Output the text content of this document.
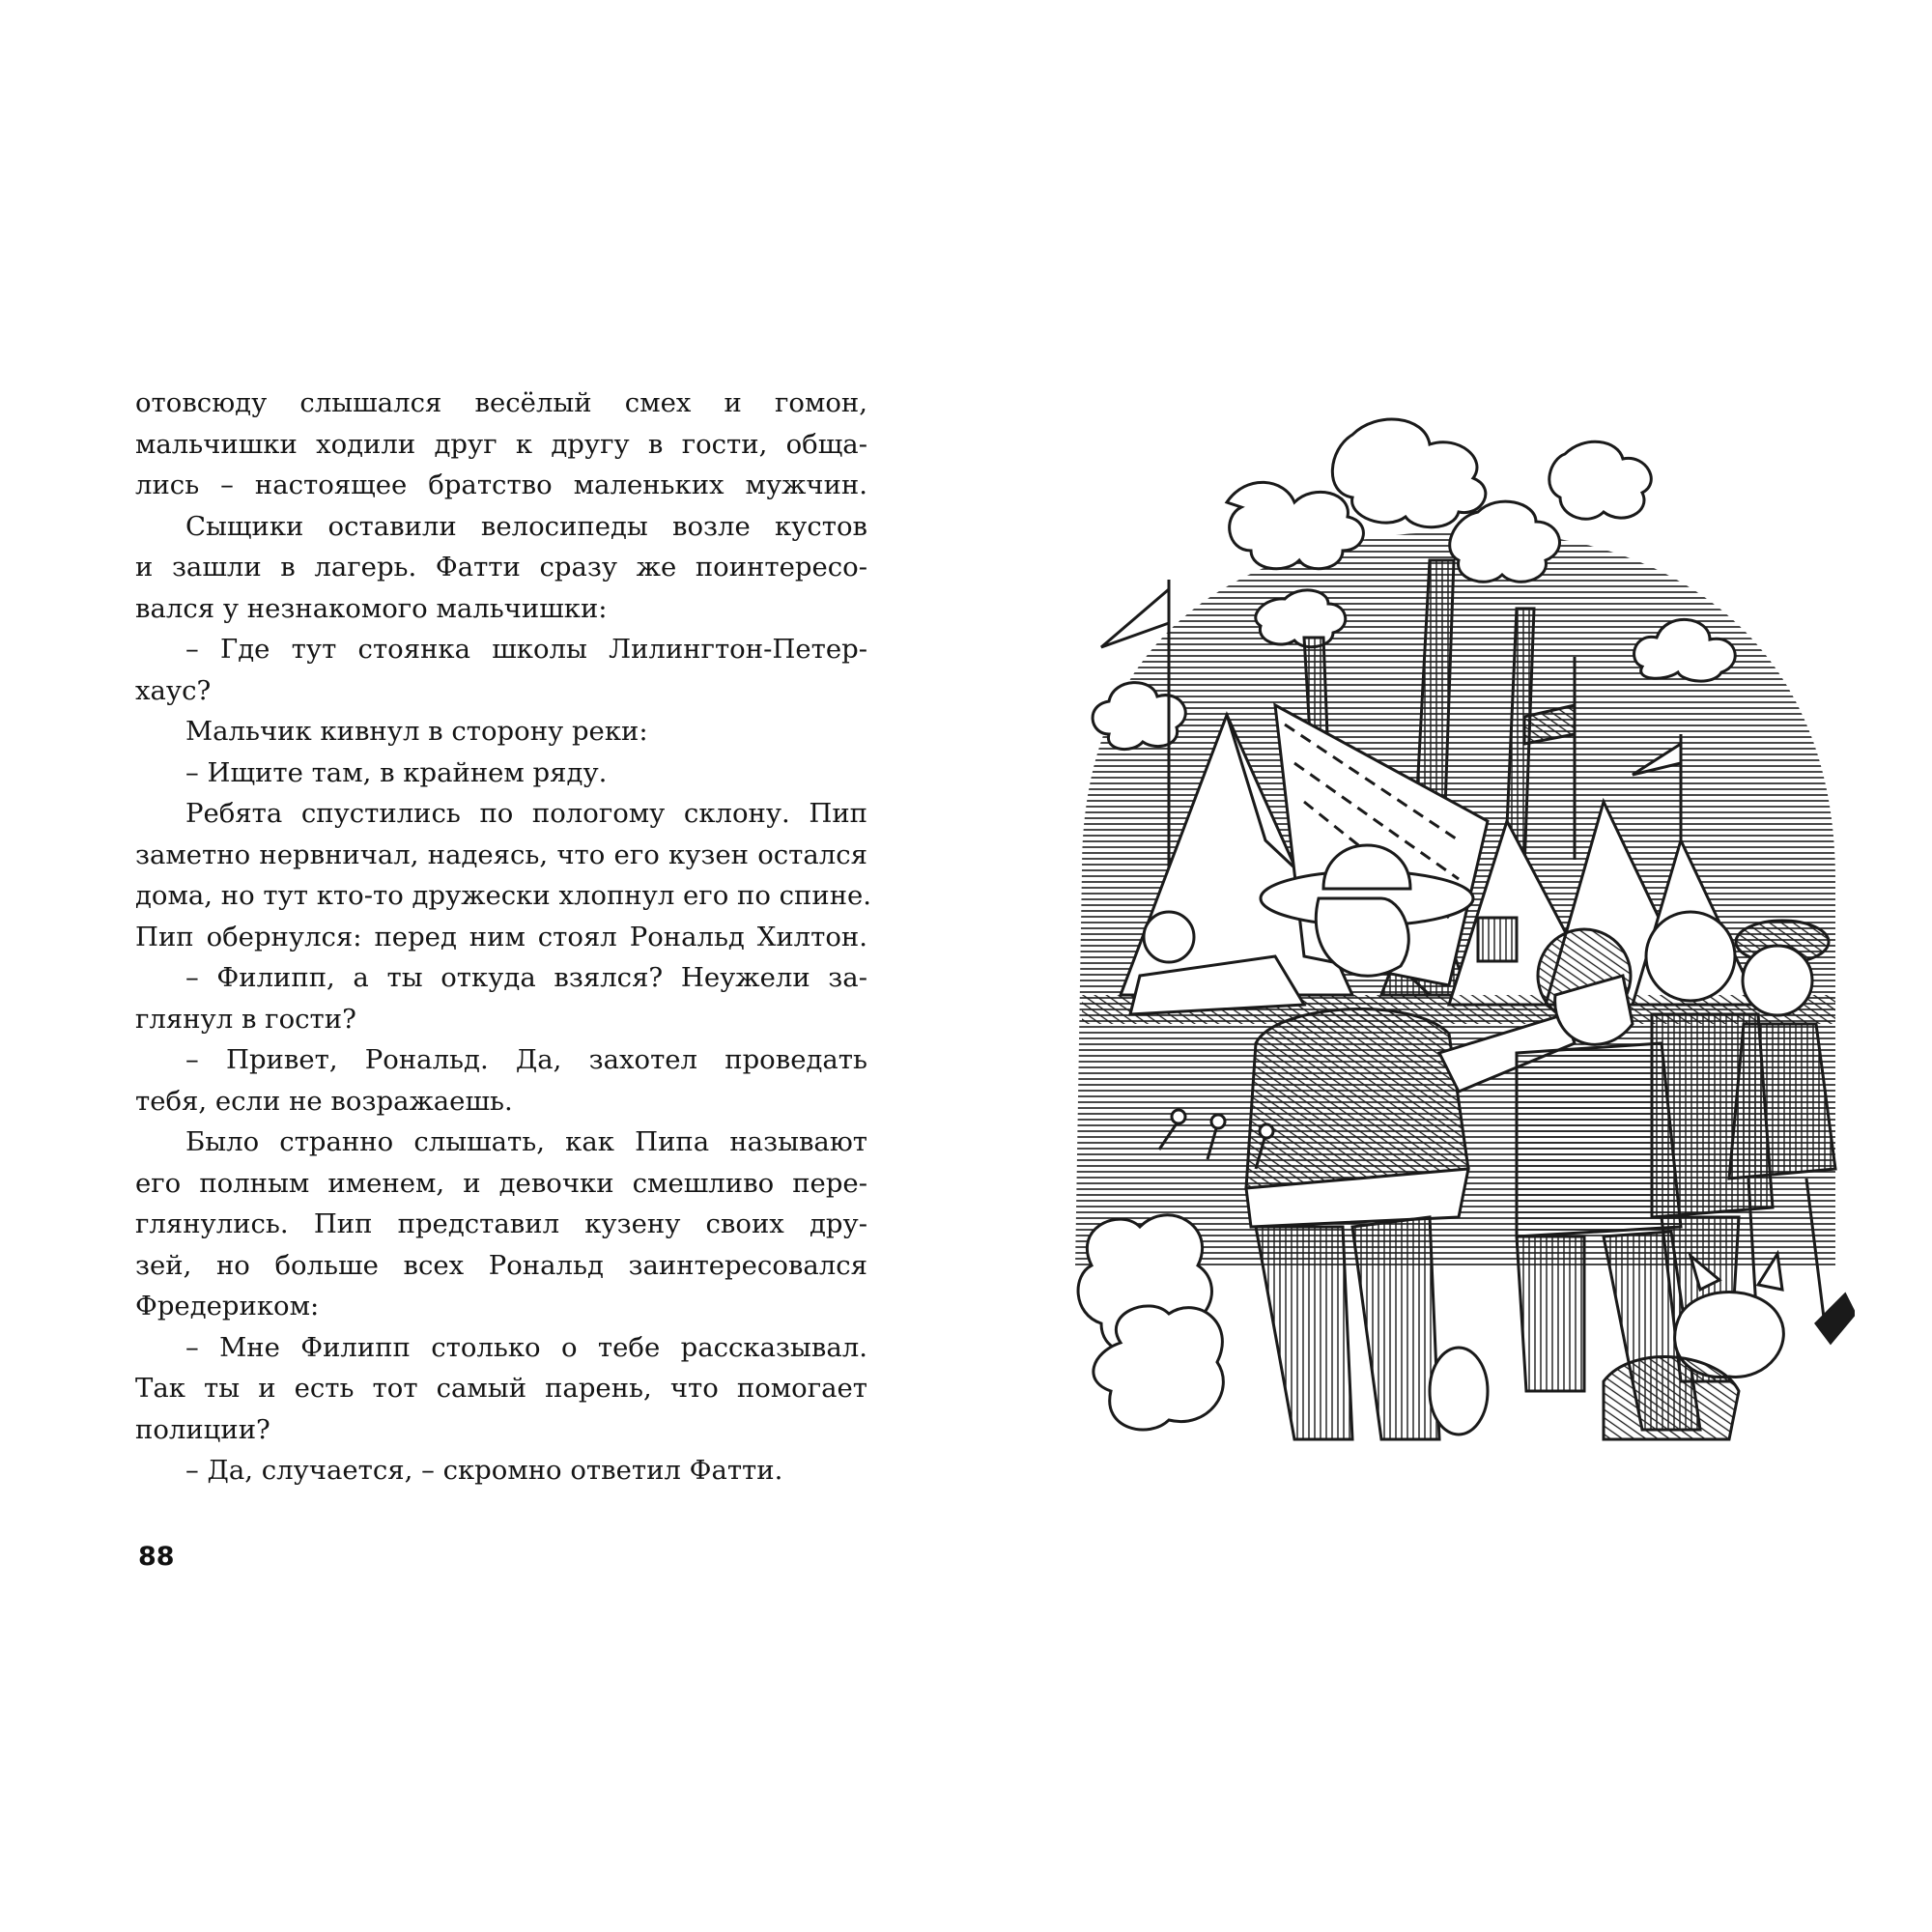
отовсюду слышался весёлый смех и гомон,
мальчишки ходили друг к другу в гости, обща-
лись – настоящее братство маленьких мужчин.
Сыщики оставили велосипеды возле кустов
и зашли в лагерь. Фатти сразу же поинтересо-
вался у незнакомого мальчишки:
– Где тут стоянка школы Лилингтон-Петер-
хаус?
Мальчик кивнул в сторону реки:
– Ищите там, в крайнем ряду.
Ребята спустились по пологому склону. Пип
заметно нервничал, надеясь, что его кузен остался
дома, но тут кто-то дружески хлопнул его по спине.
Пип обернулся: перед ним стоял Рональд Хилтон.
– Филипп, а ты откуда взялся? Неужели за-
глянул в гости?
– Привет, Рональд. Да, захотел проведать
тебя, если не возражаешь.
Было странно слышать, как Пипа называют
его полным именем, и девочки смешливо пере-
глянулись. Пип представил кузену своих дру-
зей, но больше всех Рональд заинтересовался
Фредериком:
– Мне Филипп столько о тебе рассказывал.
Так ты и есть тот самый парень, что помогает
полиции?
– Да, случается, – скромно ответил Фатти.
88
